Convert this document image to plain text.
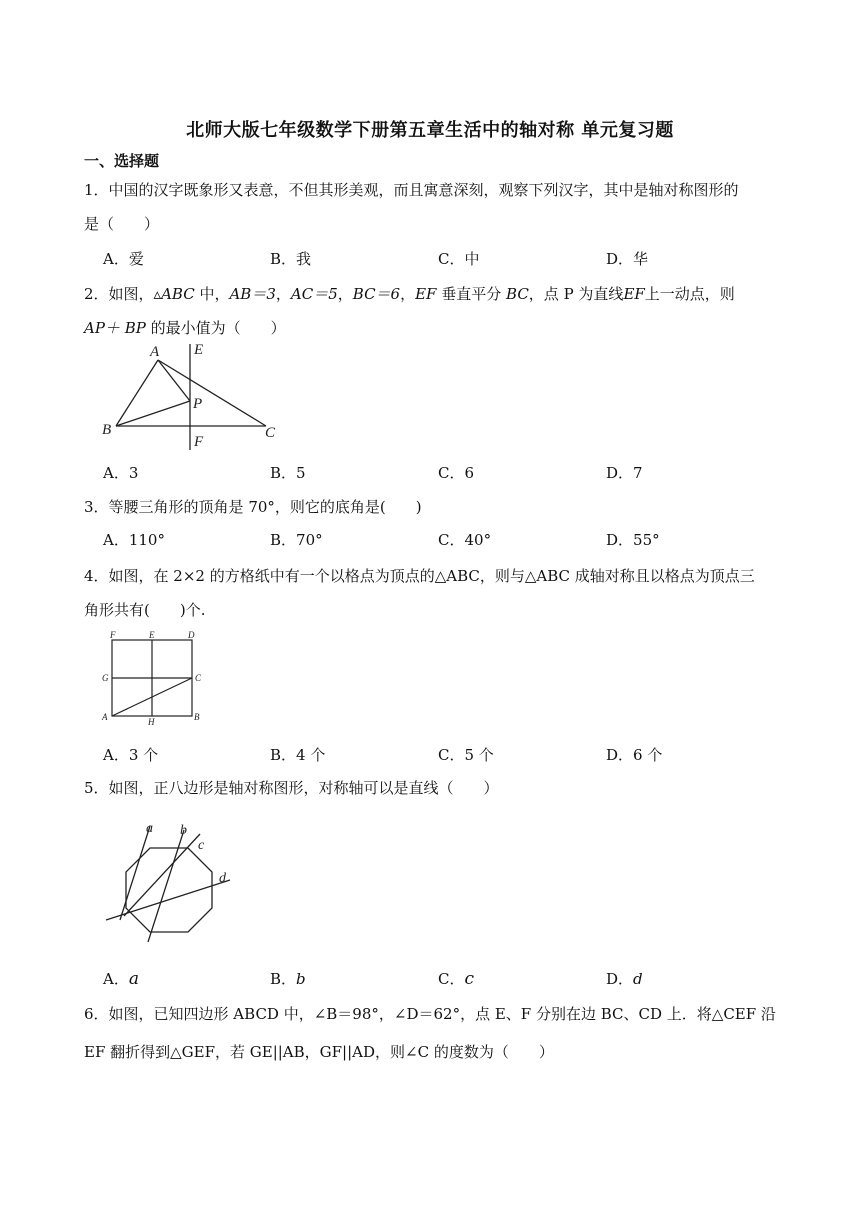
北师大版七年级数学下册第五章生活中的轴对称 单元复习题
一、选择题
1．中国的汉字既象形又表意，不但其形美观，而且寓意深刻，观察下列汉字，其中是轴对称图形的
是（　　）
A．爱	B．我	C．中	D．华
2．如图，▵ABC 中，AB＝3，AC＝5，BC＝6，EF 垂直平分 BC，点 P 为直线EF上一动点，则
AP＋ BP 的最小值为（　　）
A E
P
B	C
F
A．3	B．5	C．6	D．7
3．等腰三角形的顶角是 70°，则它的底角是(　　)
A．110°	B．70°	C．40°	D．55°
4．如图，在 2×2 的方格纸中有一个以格点为顶点的△ABC，则与△ABC 成轴对称且以格点为顶点三
角形共有(　　)个.
F	E	D
G	C
A	H	B
A．3 个	B．4 个	C．5 个	D．6 个
5．如图，正八边形是轴对称图形，对称轴可以是直线（　　）
a b
c
d
A．a	B．b	C．c	D．d
6．如图，已知四边形 ABCD 中，∠B＝98°，∠D＝62°，点 E、F 分别在边 BC、CD 上．将△CEF 沿
EF 翻折得到△GEF，若 GE||AB，GF||AD，则∠C 的度数为（　　）
